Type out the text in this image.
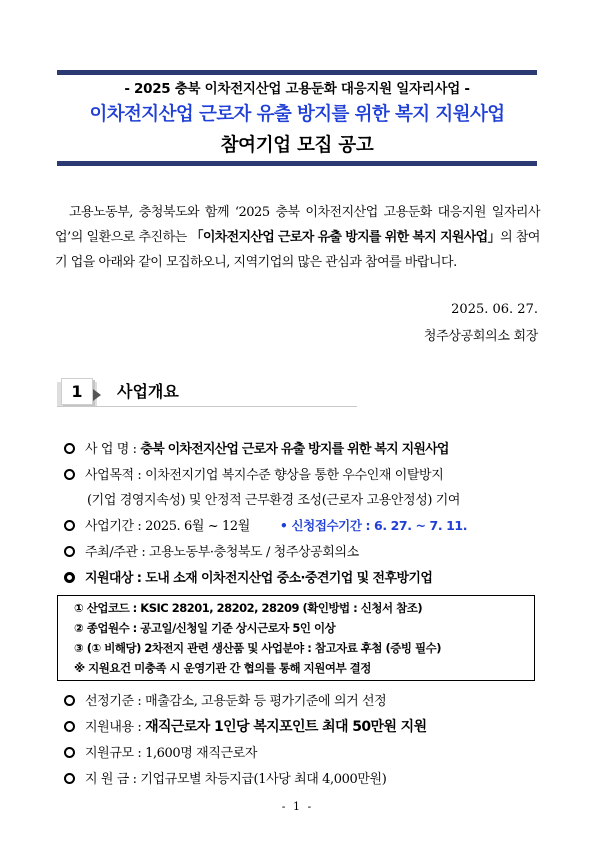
- 2025 충북 이차전지산업 고용둔화 대응지원 일자리사업 -
이차전지산업 근로자 유출 방지를 위한 복지 지원사업
참여기업 모집 공고
고용노동부, 충청북도와 함께 ‘2025 충북 이차전지산업 고용둔화 대응지원 일자리사업’의 일환으로 추진하는 「이차전지산업 근로자 유출 방지를 위한 복지 지원사업」의 참여기 업을 아래와 같이 모집하오니, 지역기업의 많은 관심과 참여를 바랍니다.
2025. 06. 27.
청주상공회의소 회장
1	사업개요
사 업 명 : 충북 이차전지산업 근로자 유출 방지를 위한 복지 지원사업
사업목적 : 이차전지기업 복지수준 향상을 통한 우수인재 이탈방지
(기업 경영지속성) 및 안정적 근무환경 조성(근로자 고용안정성) 기여
사업기간 : 2025. 6월 ~ 12월 • 신청접수기간 : 6. 27. ~ 7. 11.
주최/주관 : 고용노동부·충청북도 / 청주상공회의소
지원대상 : 도내 소재 이차전지산업 중소·중견기업 및 전후방기업
① 산업코드 : KSIC 28201, 28202, 28209 (확인방법 : 신청서 참조)
② 종업원수 : 공고일/신청일 기준 상시근로자 5인 이상
③ (① 비해당) 2차전지 관련 생산품 및 사업분야 : 참고자료 후첨 (증빙 필수)
※ 지원요건 미충족 시 운영기관 간 협의를 통해 지원여부 결정
선정기준 : 매출감소, 고용둔화 등 평가기준에 의거 선정
지원내용 : 재직근로자 1인당 복지포인트 최대 50만원 지원
지원규모 : 1,600명 재직근로자
지 원 금 : 기업규모별 차등지급(1사당 최대 4,000만원)
- 1 -
